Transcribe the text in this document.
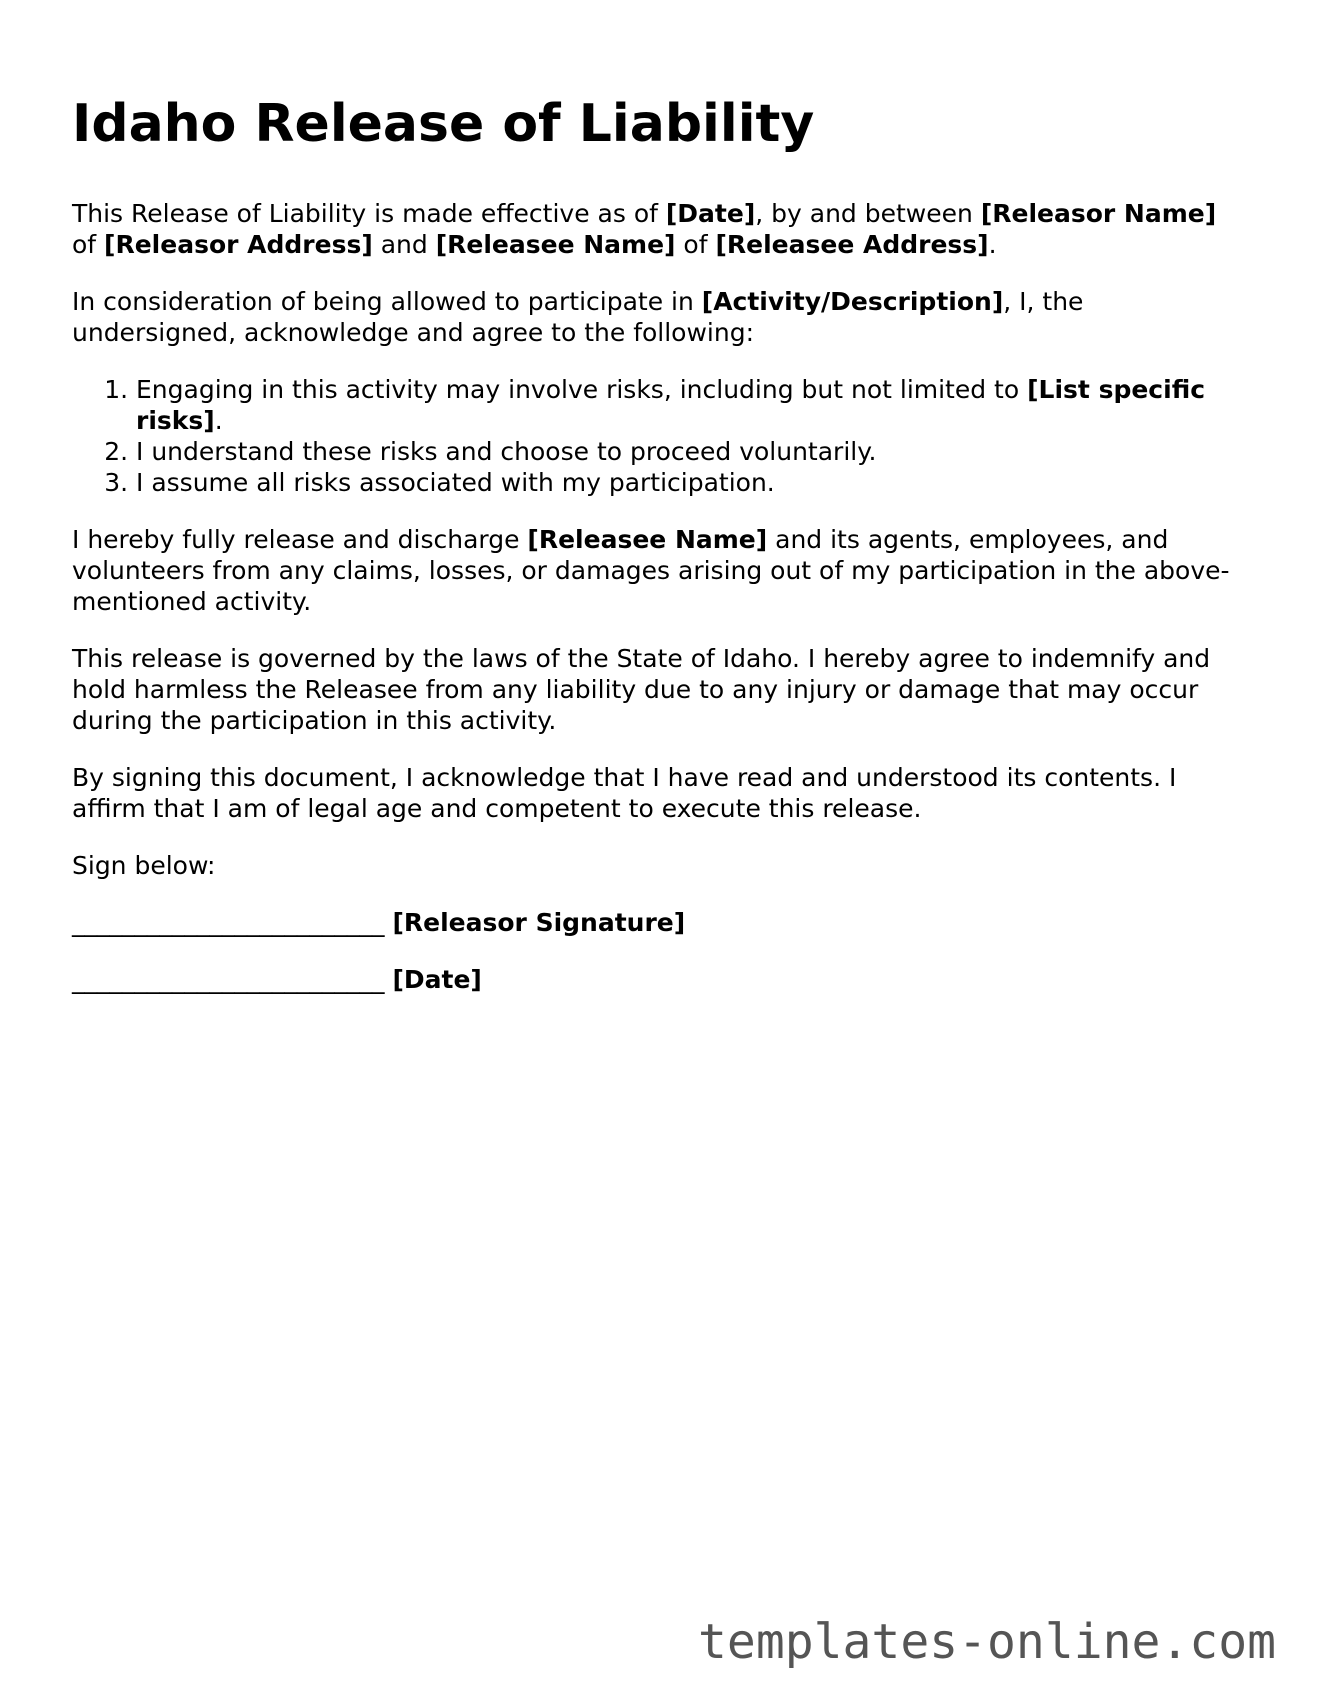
Idaho Release of Liability

This Release of Liability is made effective as of [Date], by and between [Releasor Name] of [Releasor Address] and [Releasee Name] of [Releasee Address].

In consideration of being allowed to participate in [Activity/Description], I, the undersigned, acknowledge and agree to the following:

1. Engaging in this activity may involve risks, including but not limited to [List specific risks].
2. I understand these risks and choose to proceed voluntarily.
3. I assume all risks associated with my participation.

I hereby fully release and discharge [Releasee Name] and its agents, employees, and volunteers from any claims, losses, or damages arising out of my participation in the above-mentioned activity.

This release is governed by the laws of the State of Idaho. I hereby agree to indemnify and hold harmless the Releasee from any liability due to any injury or damage that may occur during the participation in this activity.

By signing this document, I acknowledge that I have read and understood its contents. I affirm that I am of legal age and competent to execute this release.

Sign below:

_________________________ [Releasor Signature]
_________________________ [Date]
templates-online.com
